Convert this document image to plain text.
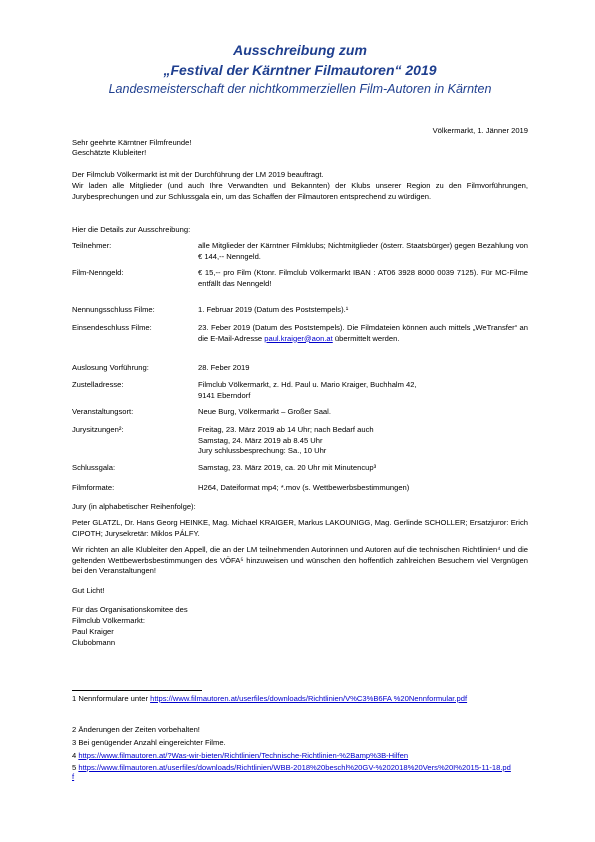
Ausschreibung zum
„Festival der Kärntner Filmautoren“ 2019
Landesmeisterschaft der nichtkommerziellen Film-Autoren in Kärnten
Völkermarkt, 1. Jänner 2019
Sehr geehrte Kärntner Filmfreunde!
Geschätzte Klubleiter!
Der Filmclub Völkermarkt ist mit der Durchführung der LM 2019 beauftragt.
Wir laden alle Mitglieder (und auch Ihre Verwandten und Bekannten) der Klubs unserer Region zu den Filmvorführungen, Jurybesprechungen und zur Schlussgala ein, um das Schaffen der Filmautoren entsprechend zu würdigen.
Hier die Details zur Ausschreibung:
Teilnehmer:	alle Mitglieder der Kärntner Filmklubs; Nichtmitglieder (österr. Staatsbürger) gegen Bezahlung von € 144,-- Nenngeld.
Film-Nenngeld:	€ 15,-- pro Film (Ktonr. Filmclub Völkermarkt IBAN : AT06 3928 8000 0039 7125). Für MC-Filme entfällt das Nenngeld!
Nennungsschluss Filme:	1. Februar 2019 (Datum des Poststempels).¹
Einsendeschluss Filme:	23. Feber 2019 (Datum des Poststempels). Die Filmdateien können auch mittels „WeTransfer“ an die E-Mail-Adresse paul.kraiger@aon.at übermittelt werden.
Auslosung Vorführung:	28. Feber 2019
Zustelladresse:	Filmclub Völkermarkt, z. Hd. Paul u. Mario Kraiger, Buchhalm 42,
9141 Eberndorf
Veranstaltungsort:	Neue Burg, Völkermarkt – Großer Saal.
Jurysitzungen²:	Freitag, 23. März 2019 ab 14 Uhr; nach Bedarf auch
Samstag, 24. März 2019 ab 8.45 Uhr
Jury schlussbesprechung: Sa., 10 Uhr
Schlussgala:	Samstag, 23. März 2019, ca. 20 Uhr mit Minutencup³
Filmformate:	H264, Dateiformat mp4; *.mov (s. Wettbewerbsbestimmungen)
Jury (in alphabetischer Reihenfolge):
Peter GLATZL, Dr. Hans Georg HEINKE, Mag. Michael KRAIGER, Markus LAKOUNIGG, Mag. Gerlinde SCHOLLER; Ersatzjuror: Erich CIPOTH; Jurysekretär: Miklos PÁLFY.
Wir richten an alle Klubleiter den Appell, die an der LM teilnehmenden Autorinnen und Autoren auf die technischen Richtlinien⁴ und die geltenden Wettbewerbsbestimmungen des VÖFA⁵ hinzuweisen und wünschen den hoffentlich zahlreichen Besuchern viel Vergnügen bei den Veranstaltungen!
Gut Licht!
Für das Organisationskomitee des
Filmclub Völkermarkt:
Paul Kraiger
Clubobmann
1 Nennformulare unter https://www.filmautoren.at/userfiles/downloads/Richtlinien/V%C3%B6FA %20Nennformular.pdf
2 Änderungen der Zeiten vorbehalten!
3 Bei genügender Anzahl eingereichter Filme.
4 https://www.filmautoren.at/?Was-wir-bieten/Richtlinien/Technische-Richtlinien-%2Bamp%3B-Hilfen
5 https://www.filmautoren.at/userfiles/downloads/Richtlinien/WBB-2018%20beschl%20GV-%202018%20Vers%20I%2015-11-18.pdf
